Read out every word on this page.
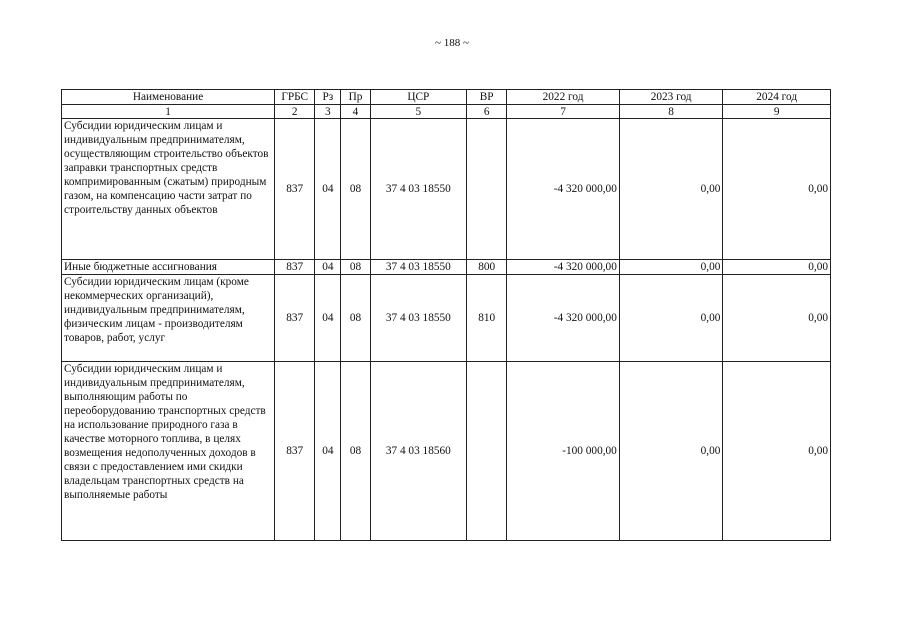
~ 188 ~
Наименование	ГРБС	Рз	Пр	ЦСР	ВР	2022 год	2023 год	2024 год
1	2	3	4	5	6	7	8	9
Субсидии юридическим лицам и индивидуальным предпринимателям, осуществляющим строительство объектов заправки транспортных средств компримированным (сжатым) природным газом, на компенсацию части затрат по строительству данных объектов	837	04	08	37 4 03 18550		-4 320 000,00	0,00	0,00
Иные бюджетные ассигнования	837	04	08	37 4 03 18550	800	-4 320 000,00	0,00	0,00
Субсидии юридическим лицам (кроме некоммерческих организаций), индивидуальным предпринимателям, физическим лицам - производителям товаров, работ, услуг	837	04	08	37 4 03 18550	810	-4 320 000,00	0,00	0,00
Субсидии юридическим лицам и индивидуальным предпринимателям, выполняющим работы по переоборудованию транспортных средств на использование природного газа в качестве моторного топлива, в целях возмещения недополученных доходов в связи с предоставлением ими скидки владельцам транспортных средств на выполняемые работы	837	04	08	37 4 03 18560		-100 000,00	0,00	0,00
